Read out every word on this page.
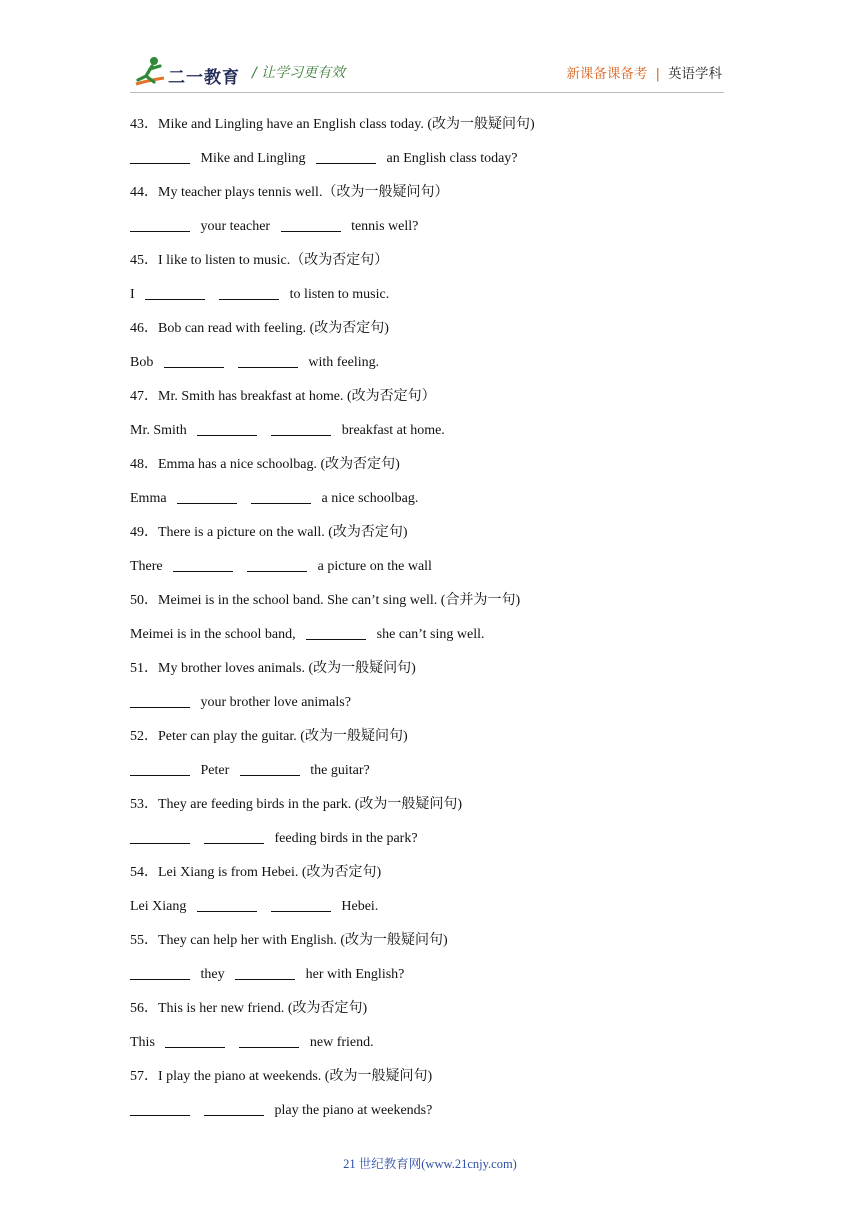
二一教育 / 让学习更有效	新课备课备考 | 英语学科
43．Mike and Lingling have an English class today. (改为一般疑问句)
Mike and Lingling	an English class today?
44．My teacher plays tennis well.（改为一般疑问句）
your teacher	tennis well?
45．I like to listen to music.（改为否定句）
I	to listen to music.
46．Bob can read with feeling. (改为否定句)
Bob	with feeling.
47．Mr. Smith has breakfast at home. (改为否定句）
Mr. Smith	breakfast at home.
48．Emma has a nice schoolbag. (改为否定句)
Emma	a nice schoolbag.
49．There is a picture on the wall. (改为否定句)
There	a picture on the wall
50．Meimei is in the school band. She can’t sing well. (合并为一句)
Meimei is in the school band,	she can’t sing well.
51．My brother loves animals. (改为一般疑问句)
your brother love animals?
52．Peter can play the guitar. (改为一般疑问句)
Peter	the guitar?
53．They are feeding birds in the park. (改为一般疑问句)
feeding birds in the park?
54．Lei Xiang is from Hebei. (改为否定句)
Lei Xiang	Hebei.
55．They can help her with English. (改为一般疑问句)
they	her with English?
56．This is her new friend. (改为否定句)
This	new friend.
57．I play the piano at weekends. (改为一般疑问句)
play the piano at weekends?
21 世纪教育网(www.21cnjy.com)
